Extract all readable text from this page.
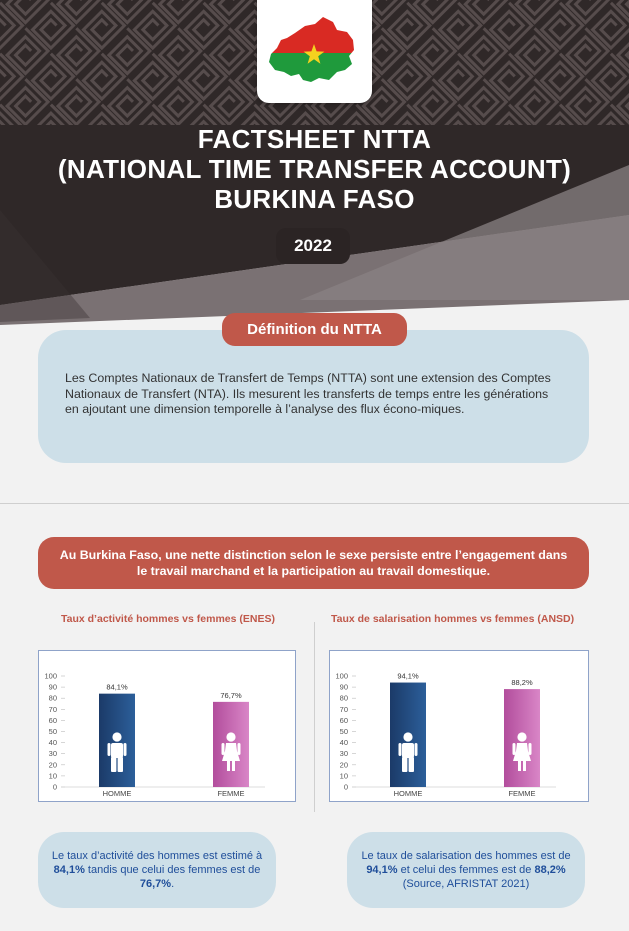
FACTSHEET NTTA
(NATIONAL TIME TRANSFER ACCOUNT)
BURKINA FASO
2022
Les Comptes Nationaux de Transfert de Temps (NTTA) sont une extension des Comptes Nationaux de Transfert (NTA). Ils mesurent les transferts de temps entre les générations en ajoutant une dimension temporelle à l’analyse des flux écono-miques.
Définition du NTTA
Au Burkina Faso, une nette distinction selon le sexe persiste entre l’engagement dans le travail marchand et la participation au travail domestique.
Taux d’activité hommes vs femmes (ENES)	Taux de salarisation hommes vs femmes (ANSD)
0
10
20
30
40
50
60
70
80
90
100
84,1%
HOMME
76,7%
FEMME
0
10
20
30
40
50
60
70
80
90
100	94,1%
HOMME
88,2%
FEMME
Le taux d’activité des hommes est estimé à 84,1% tandis que celui des femmes est de 76,7%.
Le taux de salarisation des hommes est de 94,1% et celui des femmes est de 88,2% (Source, AFRISTAT 2021)
